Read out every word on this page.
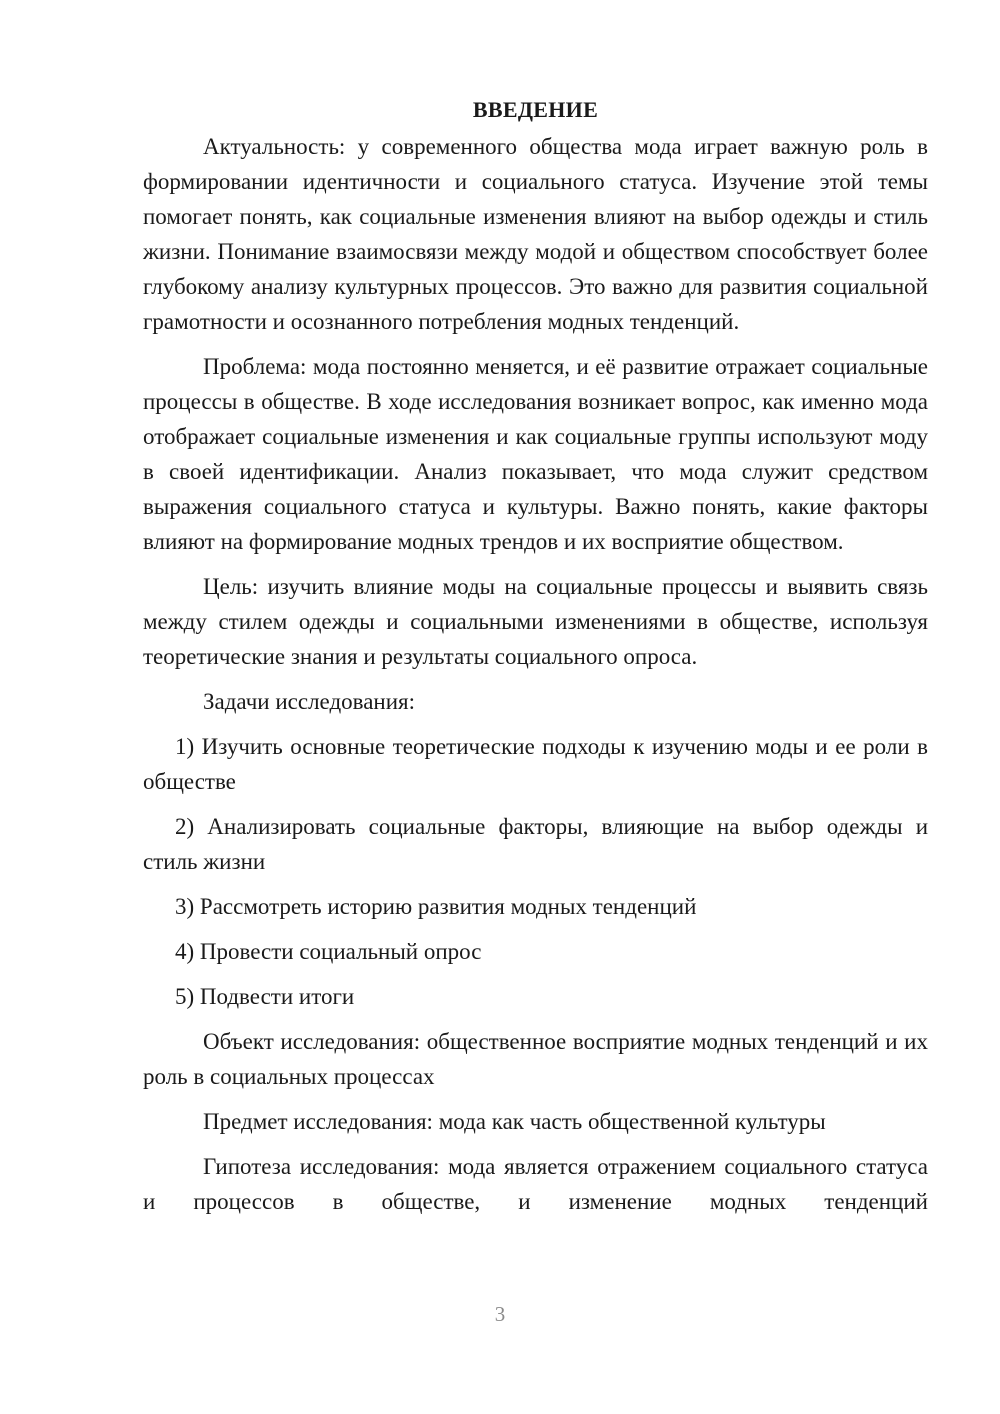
ВВЕДЕНИЕ

Актуальность: у современного общества мода играет важную роль в формировании идентичности и социального статуса. Изучение этой темы помогает понять, как социальные изменения влияют на выбор одежды и стиль жизни. Понимание взаимосвязи между модой и обществом способствует более глубокому анализу культурных процессов. Это важно для развития социальной грамотности и осознанного потребления модных тенденций.

Проблема: мода постоянно меняется, и её развитие отражает социальные процессы в обществе. В ходе исследования возникает вопрос, как именно мода отображает социальные изменения и как социальные группы используют моду в своей идентификации. Анализ показывает, что мода служит средством выражения социального статуса и культуры. Важно понять, какие факторы влияют на формирование модных трендов и их восприятие обществом.

Цель: изучить влияние моды на социальные процессы и выявить связь между стилем одежды и социальными изменениями в обществе, используя теоретические знания и результаты социального опроса.

Задачи исследования:

1) Изучить основные теоретические подходы к изучению моды и ее роли в обществе

2) Анализировать социальные факторы, влияющие на выбор одежды и стиль жизни

3) Рассмотреть историю развития модных тенденций

4) Провести социальный опрос

5) Подвести итоги

Объект исследования: общественное восприятие модных тенденций и их роль в социальных процессах

Предмет исследования: мода как часть общественной культуры

Гипотеза исследования: мода является отражением социального статуса и процессов в обществе, и изменение модных тенденций

3
